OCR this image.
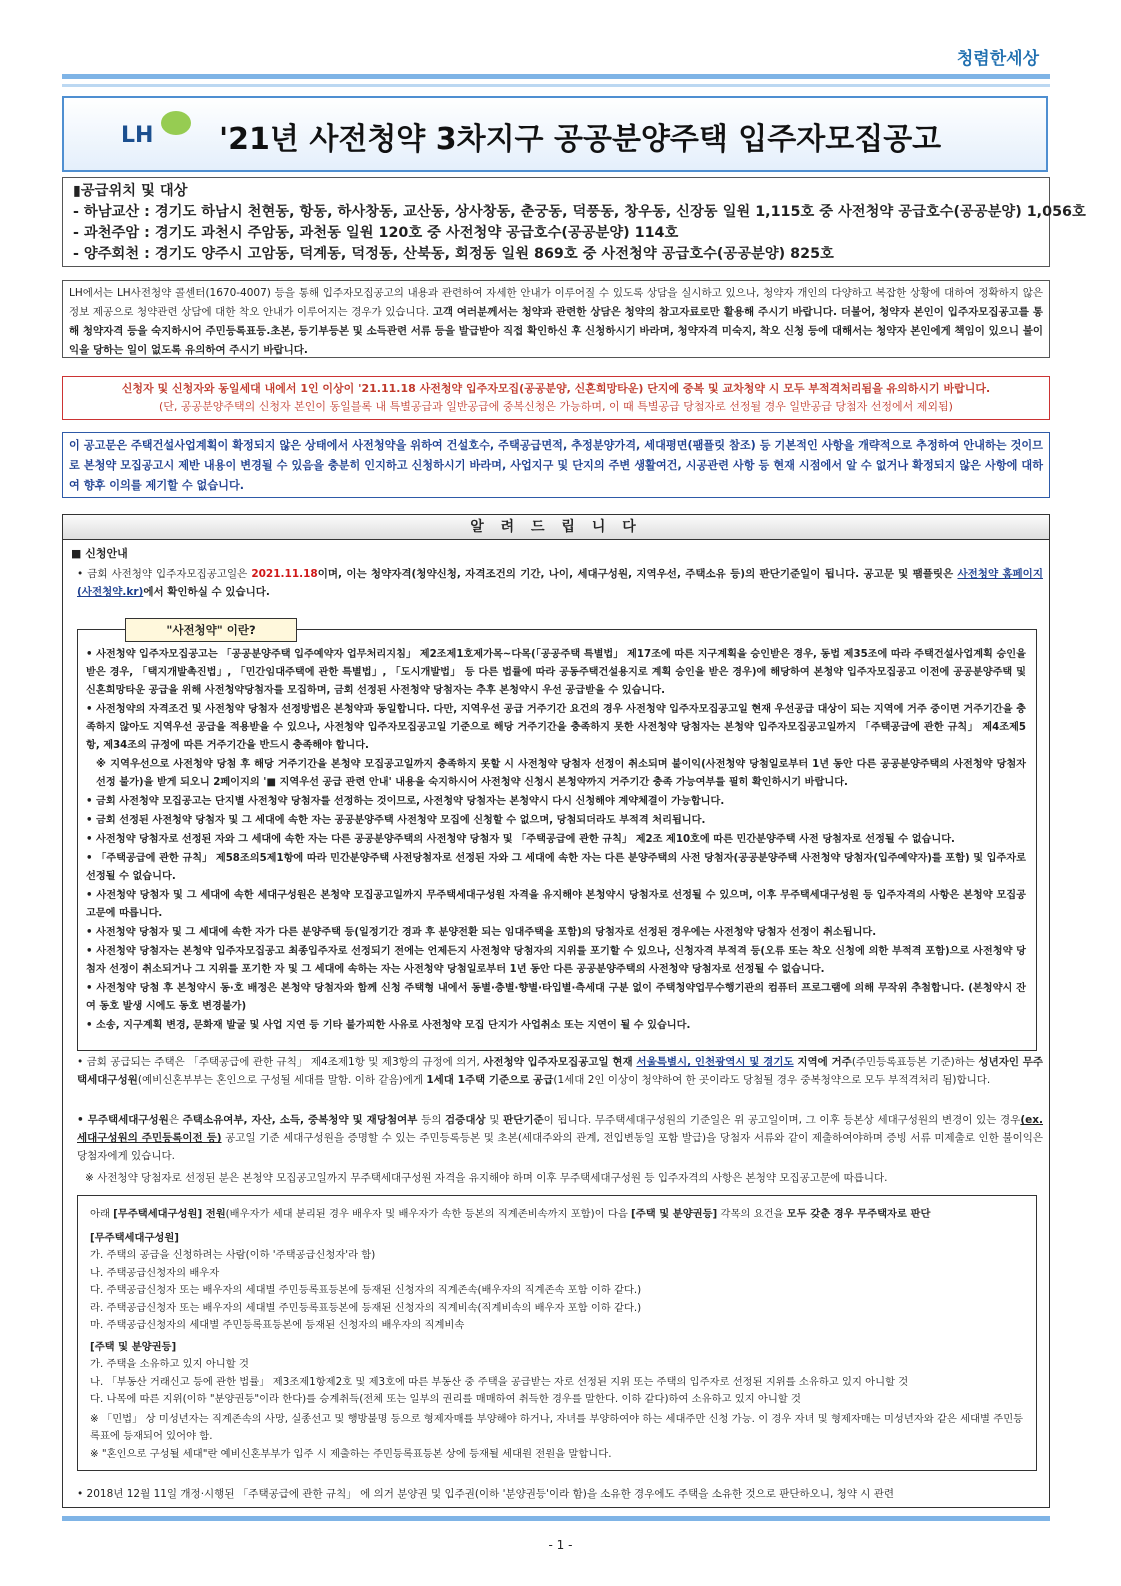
청렴한세상
LH '21년 사전청약 3차지구 공공분양주택 입주자모집공고
▮공급위치 및 대상
- 하남교산 : 경기도 하남시 천현동, 항동, 하사창동, 교산동, 상사창동, 춘궁동, 덕풍동, 창우동, 신장동 일원 1,115호 중 사전청약 공급호수(공공분양) 1,056호
- 과천주암 : 경기도 과천시 주암동, 과천동 일원 120호 중 사전청약 공급호수(공공분양) 114호
- 양주회천 : 경기도 양주시 고암동, 덕계동, 덕정동, 산북동, 회정동 일원 869호 중 사전청약 공급호수(공공분양) 825호
LH에서는 LH사전청약 콜센터(1670-4007) 등을 통해 입주자모집공고의 내용과 관련하여 자세한 안내가 이루어질 수 있도록 상담을 실시하고 있으나, 청약자 개인의 다양하고 복잡한 상황에 대하여 정확하지 않은 정보 제공으로 청약관련 상담에 대한 착오 안내가 이루어지는 경우가 있습니다. 고객 여러분께서는 청약과 관련한 상담은 청약의 참고자료로만 활용해 주시기 바랍니다. 더불어, 청약자 본인이 입주자모집공고를 통해 청약자격 등을 숙지하시어 주민등록표등.초본, 등기부등본 및 소득관련 서류 등을 발급받아 직접 확인하신 후 신청하시기 바라며, 청약자격 미숙지, 착오 신청 등에 대해서는 청약자 본인에게 책임이 있으니 불이익을 당하는 일이 없도록 유의하여 주시기 바랍니다.
신청자 및 신청자와 동일세대 내에서 1인 이상이 '21.11.18 사전청약 입주자모집(공공분양, 신혼희망타운) 단지에 중복 및 교차청약 시 모두 부적격처리됨을 유의하시기 바랍니다.
(단, 공공분양주택의 신청자 본인이 동일블록 내 특별공급과 일반공급에 중복신청은 가능하며, 이 때 특별공급 당첨자로 선정될 경우 일반공급 당첨자 선정에서 제외됨)
이 공고문은 주택건설사업계획이 확정되지 않은 상태에서 사전청약을 위하여 건설호수, 주택공급면적, 추정분양가격, 세대평면(팸플릿 참조) 등 기본적인 사항을 개략적으로 추정하여 안내하는 것이므로 본청약 모집공고시 제반 내용이 변경될 수 있음을 충분히 인지하고 신청하시기 바라며, 사업지구 및 단지의 주변 생활여건, 시공관련 사항 등 현재 시점에서 알 수 없거나 확정되지 않은 사항에 대하여 향후 이의를 제기할 수 없습니다.
알 려 드 립 니 다
■ 신청안내
• 금회 사전청약 입주자모집공고일은 2021.11.18이며, 이는 청약자격(청약신청, 자격조건의 기간, 나이, 세대구성원, 지역우선, 주택소유 등)의 판단기준일이 됩니다. 공고문 및 팸플릿은 사전청약 홈페이지(사전청약.kr)에서 확인하실 수 있습니다.
"사전청약" 이란?
• 사전청약 입주자모집공고는 「공공분양주택 입주예약자 업무처리지침」 제2조제1호제가목~다목(「공공주택 특별법」 제17조에 따른 지구계획을 승인받은 경우, 동법 제35조에 따라 주택건설사업계획 승인을 받은 경우, 「택지개발촉진법」, 「민간임대주택에 관한 특별법」, 「도시개발법」 등 다른 법률에 따라 공동주택건설용지로 계획 승인을 받은 경우)에 해당하여 본청약 입주자모집공고 이전에 공공분양주택 및 신혼희망타운 공급을 위해 사전청약당첨자를 모집하며, 금회 선정된 사전청약 당첨자는 추후 본청약시 우선 공급받을 수 있습니다.
• 사전청약의 자격조건 및 사전청약 당첨자 선정방법은 본청약과 동일합니다. 다만, 지역우선 공급 거주기간 요건의 경우 사전청약 입주자모집공고일 현재 우선공급 대상이 되는 지역에 거주 중이면 거주기간을 충족하지 않아도 지역우선 공급을 적용받을 수 있으나, 사전청약 입주자모집공고일 기준으로 해당 거주기간을 충족하지 못한 사전청약 당첨자는 본청약 입주자모집공고일까지 「주택공급에 관한 규칙」 제4조제5항, 제34조의 규정에 따른 거주기간을 반드시 충족해야 합니다.
※ 지역우선으로 사전청약 당첨 후 해당 거주기간을 본청약 모집공고일까지 충족하지 못할 시 사전청약 당첨자 선정이 취소되며 불이익(사전청약 당첨일로부터 1년 동안 다른 공공분양주택의 사전청약 당첨자 선정 불가)을 받게 되오니 2페이지의 '■ 지역우선 공급 관련 안내' 내용을 숙지하시어 사전청약 신청시 본청약까지 거주기간 충족 가능여부를 필히 확인하시기 바랍니다.
• 금회 사전청약 모집공고는 단지별 사전청약 당첨자를 선정하는 것이므로, 사전청약 당첨자는 본청약시 다시 신청해야 계약체결이 가능합니다.
• 금회 선정된 사전청약 당첨자 및 그 세대에 속한 자는 공공분양주택 사전청약 모집에 신청할 수 없으며, 당첨되더라도 부적격 처리됩니다.
• 사전청약 당첨자로 선정된 자와 그 세대에 속한 자는 다른 공공분양주택의 사전청약 당첨자 및 「주택공급에 관한 규칙」 제2조 제10호에 따른 민간분양주택 사전 당첨자로 선정될 수 없습니다.
• 「주택공급에 관한 규칙」 제58조의5제1항에 따라 민간분양주택 사전당첨자로 선정된 자와 그 세대에 속한 자는 다른 분양주택의 사전 당첨자(공공분양주택 사전청약 당첨자(입주예약자)를 포함) 및 입주자로 선정될 수 없습니다.
• 사전청약 당첨자 및 그 세대에 속한 세대구성원은 본청약 모집공고일까지 무주택세대구성원 자격을 유지해야 본청약시 당첨자로 선정될 수 있으며, 이후 무주택세대구성원 등 입주자격의 사항은 본청약 모집공고문에 따릅니다.
• 사전청약 당첨자 및 그 세대에 속한 자가 다른 분양주택 등(일정기간 경과 후 분양전환 되는 임대주택을 포함)의 당첨자로 선정된 경우에는 사전청약 당첨자 선정이 취소됩니다.
• 사전청약 당첨자는 본청약 입주자모집공고 최종입주자로 선정되기 전에는 언제든지 사전청약 당첨자의 지위를 포기할 수 있으나, 신청자격 부적격 등(오류 또는 착오 신청에 의한 부적격 포함)으로 사전청약 당첨자 선정이 취소되거나 그 지위를 포기한 자 및 그 세대에 속하는 자는 사전청약 당첨일로부터 1년 동안 다른 공공분양주택의 사전청약 당첨자로 선정될 수 없습니다.
• 사전청약 당첨 후 본청약시 동·호 배정은 본청약 당첨자와 함께 신청 주택형 내에서 동별·층별·향별·타입별·측세대 구분 없이 주택청약업무수행기관의 컴퓨터 프로그램에 의해 무작위 추첨합니다. (본청약시 잔여 동호 발생 시에도 동호 변경불가)
• 소송, 지구계획 변경, 문화재 발굴 및 사업 지연 등 기타 불가피한 사유로 사전청약 모집 단지가 사업취소 또는 지연이 될 수 있습니다.
• 금회 공급되는 주택은 「주택공급에 관한 규칙」 제4조제1항 및 제3항의 규정에 의거, 사전청약 입주자모집공고일 현재 서울특별시, 인천광역시 및 경기도 지역에 거주(주민등록표등본 기준)하는 성년자인 무주택세대구성원(예비신혼부부는 혼인으로 구성될 세대를 말함. 이하 같음)에게 1세대 1주택 기준으로 공급(1세대 2인 이상이 청약하여 한 곳이라도 당첨될 경우 중복청약으로 모두 부적격처리 됨)합니다.
• 무주택세대구성원은 주택소유여부, 자산, 소득, 중복청약 및 재당첨여부 등의 검증대상 및 판단기준이 됩니다. 무주택세대구성원의 기준일은 위 공고일이며, 그 이후 등본상 세대구성원의 변경이 있는 경우(ex. 세대구성원의 주민등록이전 등) 공고일 기준 세대구성원을 증명할 수 있는 주민등록등본 및 초본(세대주와의 관계, 전입변동일 포함 발급)을 당첨자 서류와 같이 제출하여야하며 증빙 서류 미제출로 인한 불이익은 당첨자에게 있습니다.
※ 사전청약 당첨자로 선정된 분은 본청약 모집공고일까지 무주택세대구성원 자격을 유지해야 하며 이후 무주택세대구성원 등 입주자격의 사항은 본청약 모집공고문에 따릅니다.
아래 [무주택세대구성원] 전원(배우자가 세대 분리된 경우 배우자 및 배우자가 속한 등본의 직계존비속까지 포함)이 다음 [주택 및 분양권등] 각목의 요건을 모두 갖춘 경우 무주택자로 판단
[무주택세대구성원]
가. 주택의 공급을 신청하려는 사람(이하 '주택공급신청자'라 함)
나. 주택공급신청자의 배우자
다. 주택공급신청자 또는 배우자의 세대별 주민등록표등본에 등재된 신청자의 직계존속(배우자의 직계존속 포함 이하 같다.)
라. 주택공급신청자 또는 배우자의 세대별 주민등록표등본에 등재된 신청자의 직계비속(직계비속의 배우자 포함 이하 같다.)
마. 주택공급신청자의 세대별 주민등록표등본에 등재된 신청자의 배우자의 직계비속
[주택 및 분양권등]
가. 주택을 소유하고 있지 아니할 것
나. 「부동산 거래신고 등에 관한 법률」 제3조제1항제2호 및 제3호에 따른 부동산 중 주택을 공급받는 자로 선정된 지위 또는 주택의 입주자로 선정된 지위를 소유하고 있지 아니할 것
다. 나목에 따른 지위(이하 "분양권등"이라 한다)를 승계취득(전체 또는 일부의 권리를 매매하여 취득한 경우를 말한다. 이하 같다)하여 소유하고 있지 아니할 것
※ 「민법」 상 미성년자는 직계존속의 사망, 실종선고 및 행방불명 등으로 형제자매를 부양해야 하거나, 자녀를 부양하여야 하는 세대주만 신청 가능. 이 경우 자녀 및 형제자매는 미성년자와 같은 세대별 주민등록표에 등재되어 있어야 함.
※ "혼인으로 구성될 세대"란 예비신혼부부가 입주 시 제출하는 주민등록표등본 상에 등재될 세대원 전원을 말합니다.
• 2018년 12월 11일 개정·시행된 「주택공급에 관한 규칙」 에 의거 분양권 및 입주권(이하 '분양권등'이라 함)을 소유한 경우에도 주택을 소유한 것으로 판단하오니, 청약 시 관련
- 1 -
